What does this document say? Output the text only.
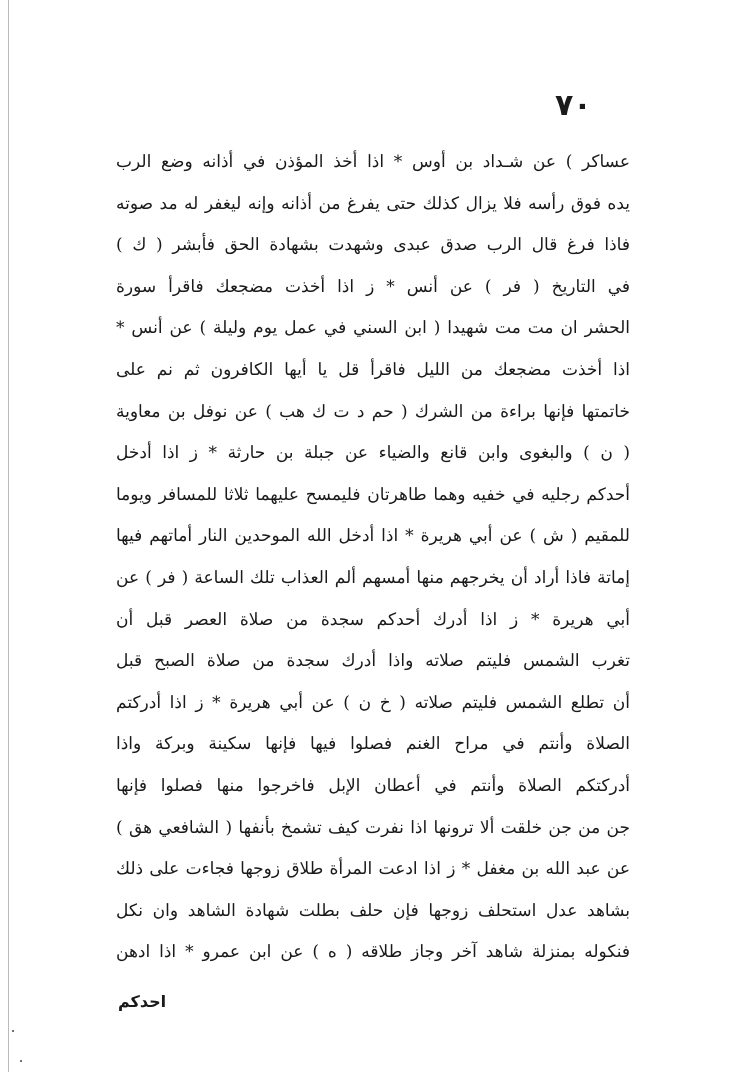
٧٠
عساكر ) عن شـداد بن أوس * اذا أخذ المؤذن في أذانه وضع الرب
يده فوق رأسه فلا يزال كذلك حتى يفرغ من أذانه وإنه ليغفر له مد صوته
فاذا فرغ قال الرب صدق عبدى وشهدت بشهادة الحق فأبشر ( ك )
في التاريخ ( فر ) عن أنس * ز اذا أخذت مضجعك فاقرأ سورة
الحشر ان مت مت شهيدا ( ابن السني في عمل يوم وليلة ) عن أنس *
اذا أخذت مضجعك من الليل فاقرأ قل يا أيها الكافرون ثم نم على
خاتمتها فإنها براءة من الشرك ( حم د ت ك هب ) عن نوفل بن معاوية
( ن ) والبغوى وابن قانع والضياء عن جبلة بن حارثة * ز اذا أدخل
أحدكم رجليه في خفيه وهما طاهرتان فليمسح عليهما ثلاثا للمسافر ويوما
للمقيم ( ش ) عن أبي هريرة * اذا أدخل الله الموحدين النار أماتهم فيها
إماتة فاذا أراد أن يخرجهم منها أمسهم ألم العذاب تلك الساعة ( فر ) عن
أبي هريرة * ز اذا أدرك أحدكم سجدة من صلاة العصر قبل أن
تغرب الشمس فليتم صلاته واذا أدرك سجدة من صلاة الصبح قبل
أن تطلع الشمس فليتم صلاته ( خ ن ) عن أبي هريرة * ز اذا أدركتم
الصلاة وأنتم في مراح الغنم فصلوا فيها فإنها سكينة وبركة واذا
أدركتكم الصلاة وأنتم في أعطان الإبل فاخرجوا منها فصلوا فإنها
جن من جن خلقت ألا ترونها اذا نفرت كيف تشمخ بأنفها ( الشافعي هق )
عن عبد الله بن مغفل * ز اذا ادعت المرأة طلاق زوجها فجاءت على ذلك
بشاهد عدل استحلف زوجها فإن حلف بطلت شهادة الشاهد وان نكل
فنكوله بمنزلة شاهد آخر وجاز طلاقه ( ه ) عن ابن عمرو * اذا ادهن
احدكم
